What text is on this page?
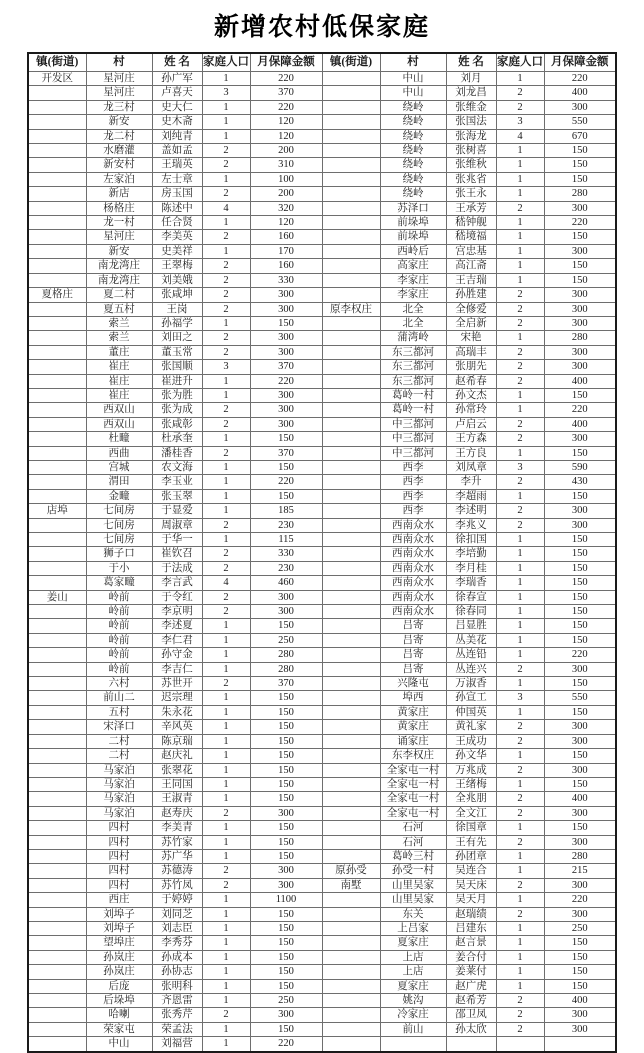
新增农村低保家庭
镇(街道)	村	姓 名	家庭人口	月保障金额	镇(街道)	村	姓 名	家庭人口	月保障金额
开发区	星河庄	孙广军	1	220		中山	刘月	1	220
	星河庄	卢喜天	3	370		中山	刘龙昌	2	400
	龙三村	史大仁	1	220		绕岭	张维金	2	300
	新安	史木斋	1	120		绕岭	张国法	3	550
	龙二村	刘纯青	1	120		绕岭	张海龙	4	670
	水磨灌	盖如孟	2	200		绕岭	张树喜	1	150
	新安村	王瑞英	2	310		绕岭	张维秋	1	150
	左家泊	左士章	1	100		绕岭	张兆省	1	150
	新店	房玉国	2	200		绕岭	张王永	1	280
	杨格庄	陈述中	4	320		苏泽口	王承芳	2	300
	龙一村	任合贤	1	120		前垛埠	嵇钟舰	1	220
	星河庄	李美英	2	160		前垛埠	嵇境福	1	150
	新安	史美祥	1	170		西岭后	宫忠基	1	300
	南龙湾庄	王翠梅	2	160		高家庄	高江斋	1	150
	南龙湾庄	刘美娥	2	330		李家庄	王吉瑞	1	150
夏格庄	夏二村	张咸坤	2	300		李家庄	孙胜建	2	300
	夏五村	王岗	2	300	原李权庄	北全	全修爱	2	300
	索兰	孙福学	1	150		北全	全启新	2	300
	索兰	刘田之	2	300		蒲湾岭	宋艳	1	280
	董庄	董玉常	2	300		东三都河	高瑞丰	2	300
	崔庄	张国顺	3	370		东三都河	张朋先	2	300
	崔庄	崔进升	1	220		东三都河	赵希春	2	400
	崔庄	张为胜	1	300		葛岭一村	孙文杰	1	150
	西双山	张为成	2	300		葛岭一村	孙常玲	1	220
	西双山	张咸彰	2	300		中三都河	卢启云	2	400
	杜疃	杜承奎	1	150		中三都河	王方森	2	300
	西曲	潘桂香	2	370		中三都河	王方良	1	150
	宫城	农文海	1	150		西李	刘凤章	3	590
	渭田	李玉业	1	220		西李	李升	2	430
	金疃	张玉翠	1	150		西李	李超雨	1	150
店埠	七间房	于显爱	1	185		西李	李述明	2	300
	七间房	周淑章	2	230		西南众水	李兆义	2	300
	七间房	于华一	1	115		西南众水	徐扣国	1	150
	狮子口	崔钦召	2	330		西南众水	李培勤	1	150
	于小	于法成	2	230		西南众水	李月桂	1	150
	葛家疃	李言武	4	460		西南众水	李瑞香	1	150
姜山	岭前	于令红	2	300		西南众水	徐春宣	1	150
	岭前	李京明	2	300		西南众水	徐春同	1	150
	岭前	李述夏	1	150		吕寄	吕显胜	1	150
	岭前	李仁君	1	250		吕寄	丛美花	1	150
	岭前	孙守金	1	280		吕寄	丛连铅	1	220
	岭前	李吉仁	1	280		吕寄	丛连兴	2	300
	六村	苏世开	2	370		兴隆屯	万淑香	1	150
	前山二	迟宗理	1	150		埠西	孙宣工	3	550
	五村	朱永花	1	150		黄家庄	仲国英	1	150
	宋泽口	辛风英	1	150		黄家庄	黄礼家	2	300
	二村	陈京瑞	1	150		诵家庄	王成功	2	300
	二村	赵庆礼	1	150		东李权庄	孙文华	1	150
	马家泊	张翠花	1	150		全家屯一村	万兆成	2	300
	马家泊	王同国	1	150		全家屯一村	王绪梅	1	150
	马家泊	王淑青	1	150		全家屯一村	全兆朋	2	400
	马家泊	赵寿庆	2	300		全家屯一村	全文江	2	300
	四村	李美青	1	150		石河	徐国章	1	150
	四村	苏竹家	1	150		石河	王有先	2	300
	四村	苏广华	1	150		葛岭三村	孙团章	1	280
	四村	苏德涛	2	300	原孙受	孙受一村	吴连合	1	215
	四村	苏竹凤	2	300	南墅	山里吴家	吴天床	2	300
	西庄	于婷婷	1	1100		山里吴家	吴天月	1	220
	刘埠子	刘同芝	1	150		东关	赵瑞绩	2	300
	刘埠子	刘志臣	1	150		上吕家	吕建东	1	250
	望埠庄	李秀芬	1	150		夏家庄	赵言景	1	150
	孙岚庄	孙成本	1	150		上店	姜合付	1	150
	孙岚庄	孙协志	1	150		上店	姜莱付	1	150
	后庞	张明科	1	150		夏家庄	赵广虎	1	150
	后垛埠	齐恩雷	1	250		姚沟	赵希芳	2	400
	哈喇	张秀芹	2	300		冷家庄	邵卫凤	2	300
	荣家屯	荣孟法	1	150		前山	孙太欣	2	300
	中山	刘福营	1	220					
